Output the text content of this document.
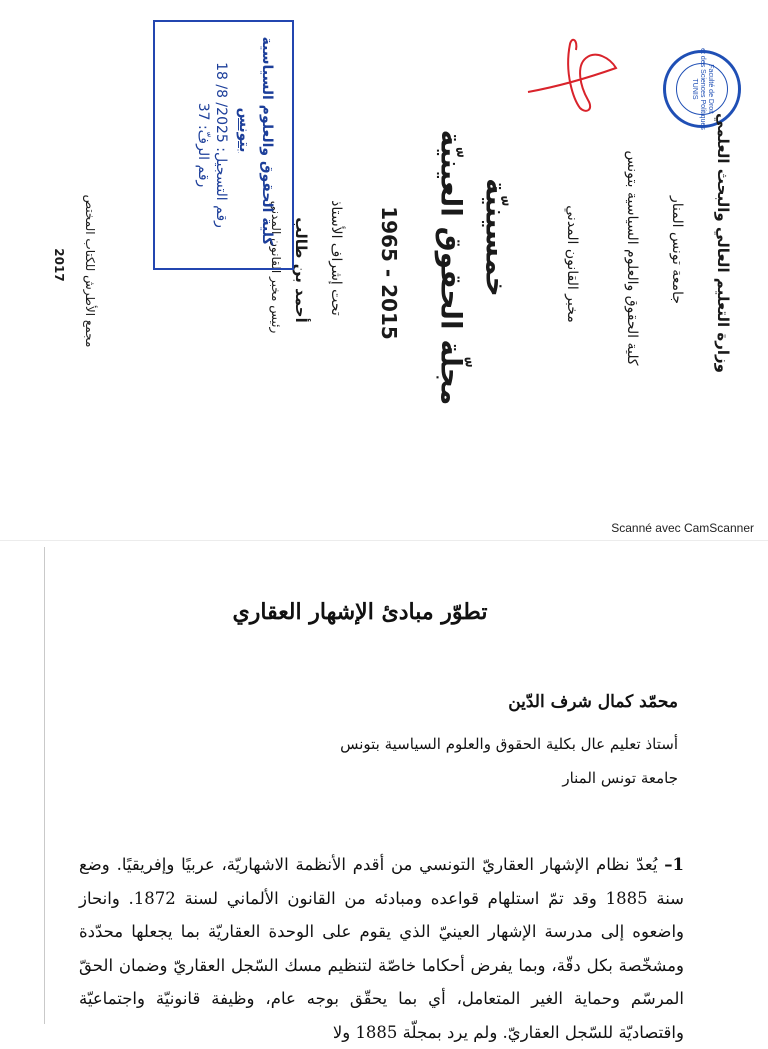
Faculté de Droit
et des Sciences Politiques
TUNIS
وزارة التعليم العالي والبحث العلمي
جامعة تونس المنار
كلية الحقوق والعلوم السياسية بتونس
مخبر القانون المدني
خمسينيّة
مجلّة الحقوق العينيّة
1965 - 2015
تحت إشراف الأستاذ
أحمد بن طالب
رئيس مخبر القانون المدني
كلية الحقوق والعلوم السياسية
بتونس
رقم التسجيل: 2025/ 8/ 18
رقم الرفّ: 37
مجمع الأطرش للكتاب المختص
2017
Scanné avec CamScanner
تطوّر مبادئ الإشهار العقاري
محمّد كمال شرف الدّين
أستاذ تعليم عال بكلية الحقوق والعلوم السياسية بتونس
جامعة تونس المنار
1– يُعدّ نظام الإشهار العقاريّ التونسي من أقدم الأنظمة الاشهاريّة، عربيًا وإفريقيًا. وضع سنة 1885 وقد تمّ استلهام قواعده ومبادئه من القانون الألماني لسنة 1872. وانحاز واضعوه إلى مدرسة الإشهار العينيّ الذي يقوم على الوحدة العقاريّة بما يجعلها محدّدة ومشخّصة بكل دقّة، وبما يفرض أحكاما خاصّة لتنظيم مسك السّجل العقاريّ وضمان الحقّ المرسّم وحماية الغير المتعامل، أي بما يحقّق بوجه عام، وظيفة قانونيّة واجتماعيّة واقتصاديّة للسّجل العقاريّ. ولم يرد بمجلّة 1885 ولا
